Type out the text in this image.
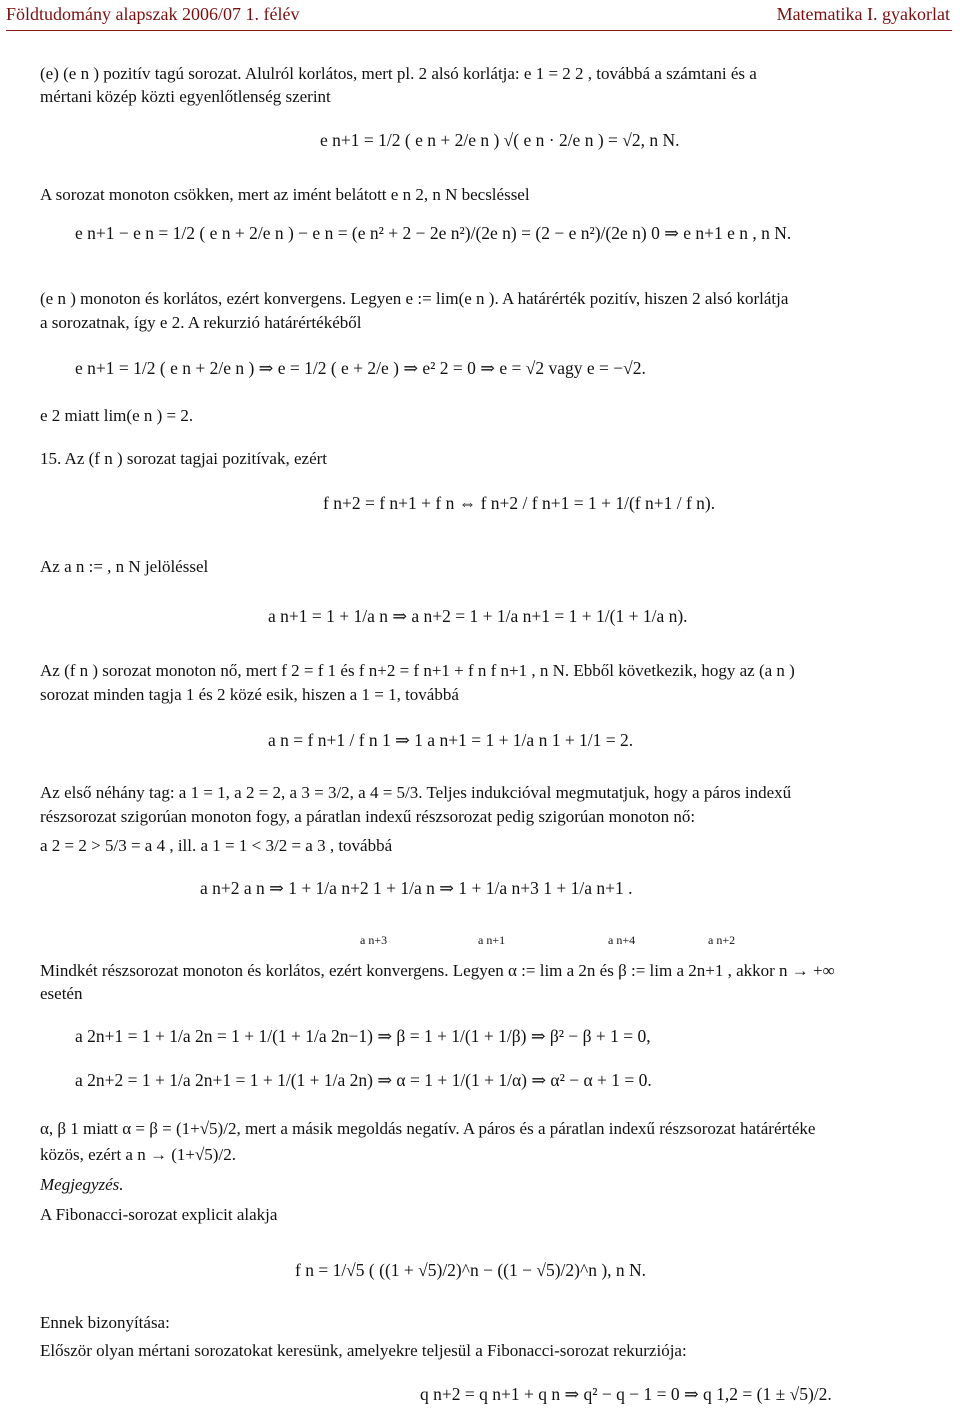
Földtudomány alapszak 2006/07 1. félév	Matematika I. gyakorlat
(e) (e n ) pozitív tagú sorozat. Alulról korlátos, mert pl. 2 alsó korlátja: e 1 = 2 2 , továbbá a számtani és a
mértani közép közti egyenlőtlenség szerint
e n+1 = 1/2 ( e n + 2/e n ) √( e n · 2/e n ) = √2, n N.
A sorozat monoton csökken, mert az imént belátott e n 2, n N becsléssel
e n+1 − e n = 1/2 ( e n + 2/e n ) − e n = (e n² + 2 − 2e n²)/(2e n) = (2 − e n²)/(2e n) 0 ⇒ e n+1 e n , n N.
(e n ) monoton és korlátos, ezért konvergens. Legyen e := lim(e n ). A határérték pozitív, hiszen 2 alsó korlátja
a sorozatnak, így e 2. A rekurzió határértékéből
e n+1 = 1/2 ( e n + 2/e n ) ⇒ e = 1/2 ( e + 2/e ) ⇒ e² 2 = 0 ⇒ e = √2 vagy e = −√2.
e 2 miatt lim(e n ) = 2.
15. Az (f n ) sorozat tagjai pozitívak, ezért
f n+2 = f n+1 + f n ⇔ f n+2 / f n+1 = 1 + 1/(f n+1 / f n).
Az a n := , n N jelöléssel
a n+1 = 1 + 1/a n ⇒ a n+2 = 1 + 1/a n+1 = 1 + 1/(1 + 1/a n).
Az (f n ) sorozat monoton nő, mert f 2 = f 1 és f n+2 = f n+1 + f n f n+1 , n N. Ebből következik, hogy az (a n )
sorozat minden tagja 1 és 2 közé esik, hiszen a 1 = 1, továbbá
a n = f n+1 / f n 1 ⇒ 1 a n+1 = 1 + 1/a n 1 + 1/1 = 2.
Az első néhány tag: a 1 = 1, a 2 = 2, a 3 = 3/2, a 4 = 5/3. Teljes indukcióval megmutatjuk, hogy a páros indexű
részsorozat szigorúan monoton fogy, a páratlan indexű részsorozat pedig szigorúan monoton nő:
a 2 = 2 > 5/3 = a 4 , ill. a 1 = 1 < 3/2 = a 3 , továbbá
a n+2 a n ⇒ 1 + 1/a n+2 1 + 1/a n ⇒ 1 + 1/a n+3 1 + 1/a n+1 .
a n+3	a n+1	a n+4	a n+2
Mindkét részsorozat monoton és korlátos, ezért konvergens. Legyen α := lim a 2n és β := lim a 2n+1 , akkor n → +∞
esetén
a 2n+1 = 1 + 1/a 2n = 1 + 1/(1 + 1/a 2n−1) ⇒ β = 1 + 1/(1 + 1/β) ⇒ β² − β + 1 = 0,
a 2n+2 = 1 + 1/a 2n+1 = 1 + 1/(1 + 1/a 2n) ⇒ α = 1 + 1/(1 + 1/α) ⇒ α² − α + 1 = 0.
α, β 1 miatt α = β = (1+√5)/2, mert a másik megoldás negatív. A páros és a páratlan indexű részsorozat határértéke
közös, ezért a n → (1+√5)/2.
Megjegyzés.
A Fibonacci-sorozat explicit alakja
f n = 1/√5 ( ((1 + √5)/2)^n − ((1 − √5)/2)^n ), n N.
Ennek bizonyítása:
Először olyan mértani sorozatokat keresünk, amelyekre teljesül a Fibonacci-sorozat rekurziója:
q n+2 = q n+1 + q n ⇒ q² − q − 1 = 0 ⇒ q 1,2 = (1 ± √5)/2.
